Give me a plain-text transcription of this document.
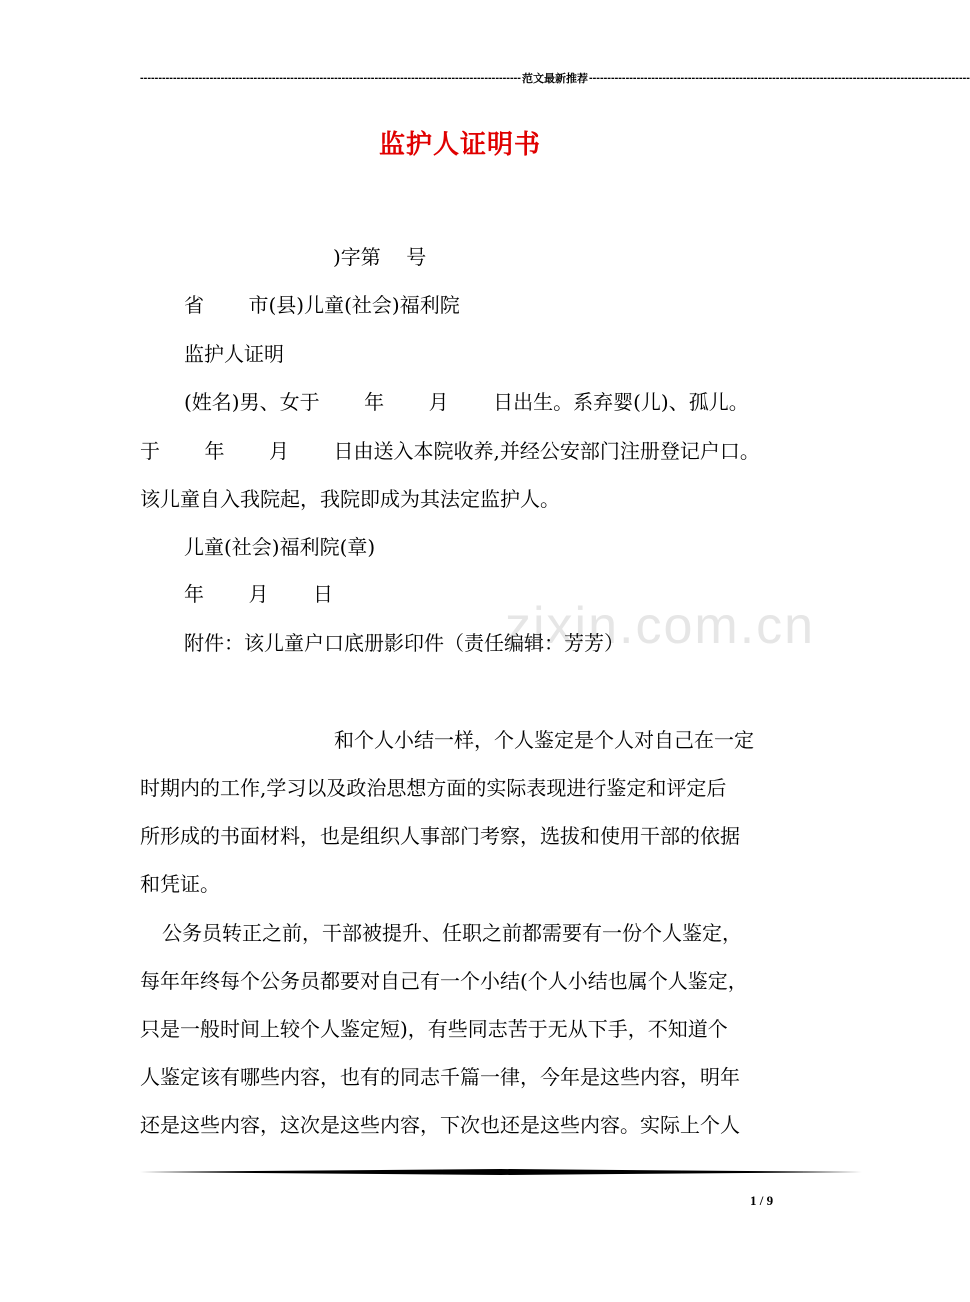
zixin.com.cn
-------------------------------------------------------------------------------------------------------- 范文最新推荐 --------------------------------------------------------------------------------------------------------
监护人证明书
)字第    号
省       市(县)儿童(社会)福利院
监护人证明
(姓名)男、女于       年       月       日出生。系弃婴(儿)、孤儿。
于       年       月       日由送入本院收养,并经公安部门注册登记户口。
该儿童自入我院起，我院即成为其法定监护人。
儿童(社会)福利院(章)
年       月       日
附件：该儿童户口底册影印件（责任编辑：芳芳）
和个人小结一样，个人鉴定是个人对自己在一定
时期内的工作,学习以及政治思想方面的实际表现进行鉴定和评定后
所形成的书面材料，也是组织人事部门考察，选拔和使用干部的依据
和凭证。
公务员转正之前，干部被提升、任职之前都需要有一份个人鉴定，
每年年终每个公务员都要对自己有一个小结(个人小结也属个人鉴定，
只是一般时间上较个人鉴定短)，有些同志苦于无从下手，不知道个
人鉴定该有哪些内容，也有的同志千篇一律，今年是这些内容，明年
还是这些内容，这次是这些内容，下次也还是这些内容。实际上个人
1 / 9
